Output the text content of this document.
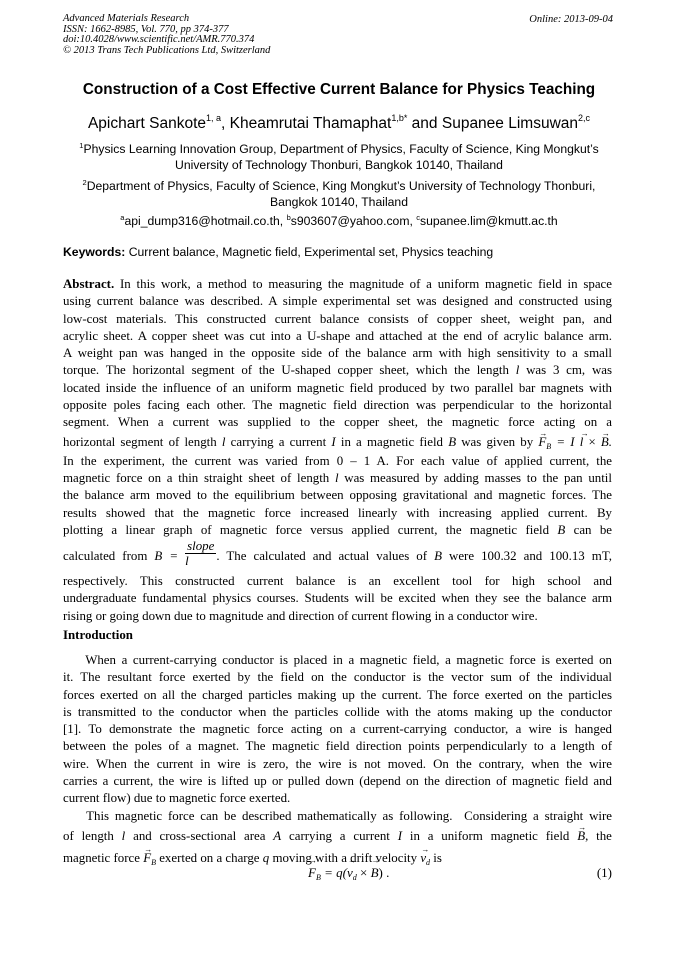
Advanced Materials Research
ISSN: 1662-8985, Vol. 770, pp 374-377
doi:10.4028/www.scientific.net/AMR.770.374
© 2013 Trans Tech Publications Ltd, Switzerland
Online: 2013-09-04
Construction of a Cost Effective Current Balance for Physics Teaching
Apichart Sankote$^{1, a}$, Kheamrutai Thamaphat$^{1,b*}$ and Supanee Limsuwan$^{2,c}$
$^1$Physics Learning Innovation Group, Department of Physics, Faculty of Science, King Mongkut’s
University of Technology Thonburi, Bangkok 10140, Thailand
$^2$Department of Physics, Faculty of Science, King Mongkut’s University of Technology Thonburi,
Bangkok 10140, Thailand
$^a$api_dump316@hotmail.co.th, $^b$s903607@yahoo.com, $^c$supanee.lim@kmutt.ac.th
Keywords: Current balance, Magnetic field, Experimental set, Physics teaching
Abstract. In this work, a method to measuring the magnitude of a uniform magnetic field in space
using current balance was described. A simple experimental set was designed and constructed using
low-cost materials. This constructed current balance consists of copper sheet, weight pan, and
acrylic sheet. A copper sheet was cut into a U-shape and attached at the end of acrylic balance arm.
A weight pan was hanged in the opposite side of the balance arm with high sensitivity to a small
torque. The horizontal segment of the U-shaped copper sheet, which the length l was 3 cm, was
located inside the influence of an uniform magnetic field produced by two parallel bar magnets with
opposite poles facing each other. The magnetic field direction was perpendicular to the horizontal
segment. When a current was supplied to the copper sheet, the magnetic force acting on a
horizontal segment of length l carrying a current I in a magnetic field B was given by → $F_B = I \to l$ × → B.
In the experiment, the current was varied from 0 – 1 A. For each value of applied current, the
magnetic force on a thin straight sheet of length l was measured by adding masses to the pan until
the balance arm moved to the equilibrium between opposing gravitational and magnetic forces. The
results showed that the magnetic force increased linearly with increasing applied current. By
plotting a linear graph of magnetic force versus applied current, the magnetic field B can be
calculated from $B = \frac{\text{slope}}{l}$ . The calculated and actual values of B were 100.32 and 100.13 mT,
respectively. This constructed current balance is an excellent tool for high school and
undergraduate fundamental physics courses. Students will be excited when they see the balance arm
rising or going down due to magnitude and direction of current flowing in a conductor wire.
Introduction
When a current-carrying conductor is placed in a magnetic field, a magnetic force is exerted on
it. The resultant force exerted by the field on the conductor is the vector sum of the individual
forces exerted on all the charged particles making up the current. The force exerted on the particles
is transmitted to the conductor when the particles collide with the atoms making up the conductor
[1]. To demonstrate the magnetic force acting on a current-carrying conductor, a wire is hanged
between the poles of a magnet. The magnetic field direction points perpendicularly to a length of
wire. When the current in wire is zero, the wire is not moved. On the contrary, when the wire
carries a current, the wire is lifted up or pulled down (depend on the direction of magnetic field and
current flow) due to magnetic force exerted.
This magnetic force can be described mathematically as following.  Considering a straight wire
of length l and cross-sectional area A carrying a current I in a uniform magnetic field → B, the
magnetic force → $F_B$ exerted on a charge q moving with a drift velocity → $v_d$ is
→ $F_B = q(\to v_d$ × → B) .	(1)
